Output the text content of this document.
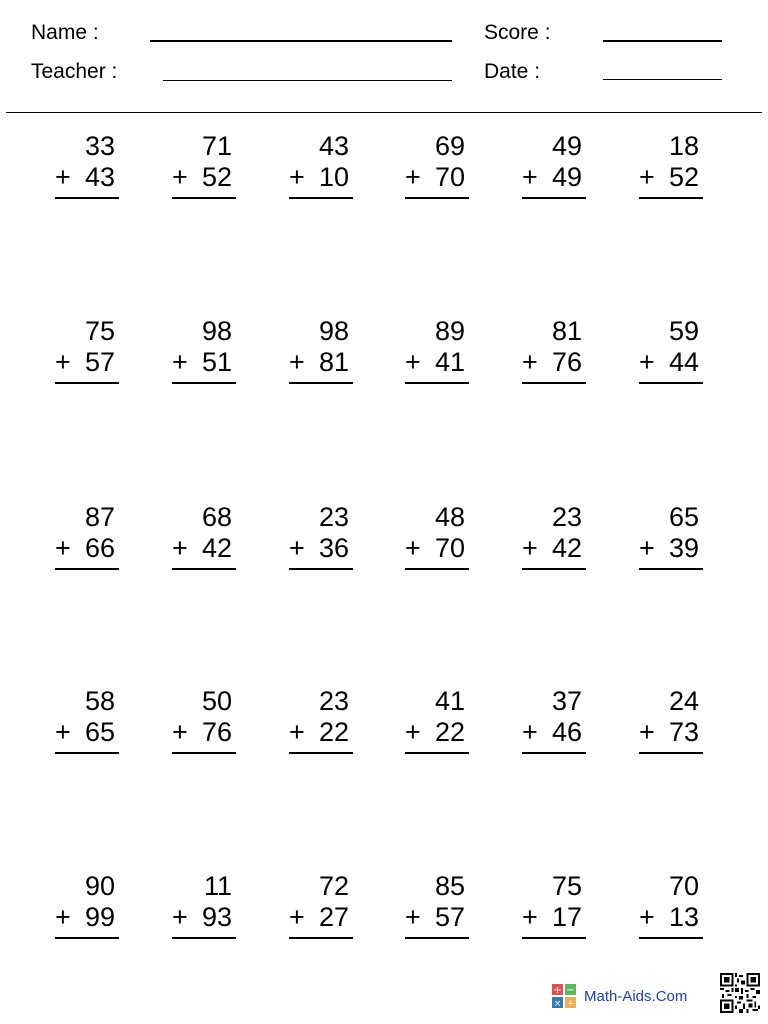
Name :
Teacher :
Score :
Date :
33
+ 43
71
+ 52
43
+ 10
69
+ 70
49
+ 49
18
+ 52
75
+ 57
98
+ 51
98
+ 81
89
+ 41
81
+ 76
59
+ 44
87
+ 66
68
+ 42
23
+ 36
48
+ 70
23
+ 42
65
+ 39
58
+ 65
50
+ 76
23
+ 22
41
+ 22
37
+ 46
24
+ 73
90
+ 99
11
+ 93
72
+ 27
85
+ 57
75
+ 17
70
+ 13
+ −
× ÷ Math-Aids.Com
